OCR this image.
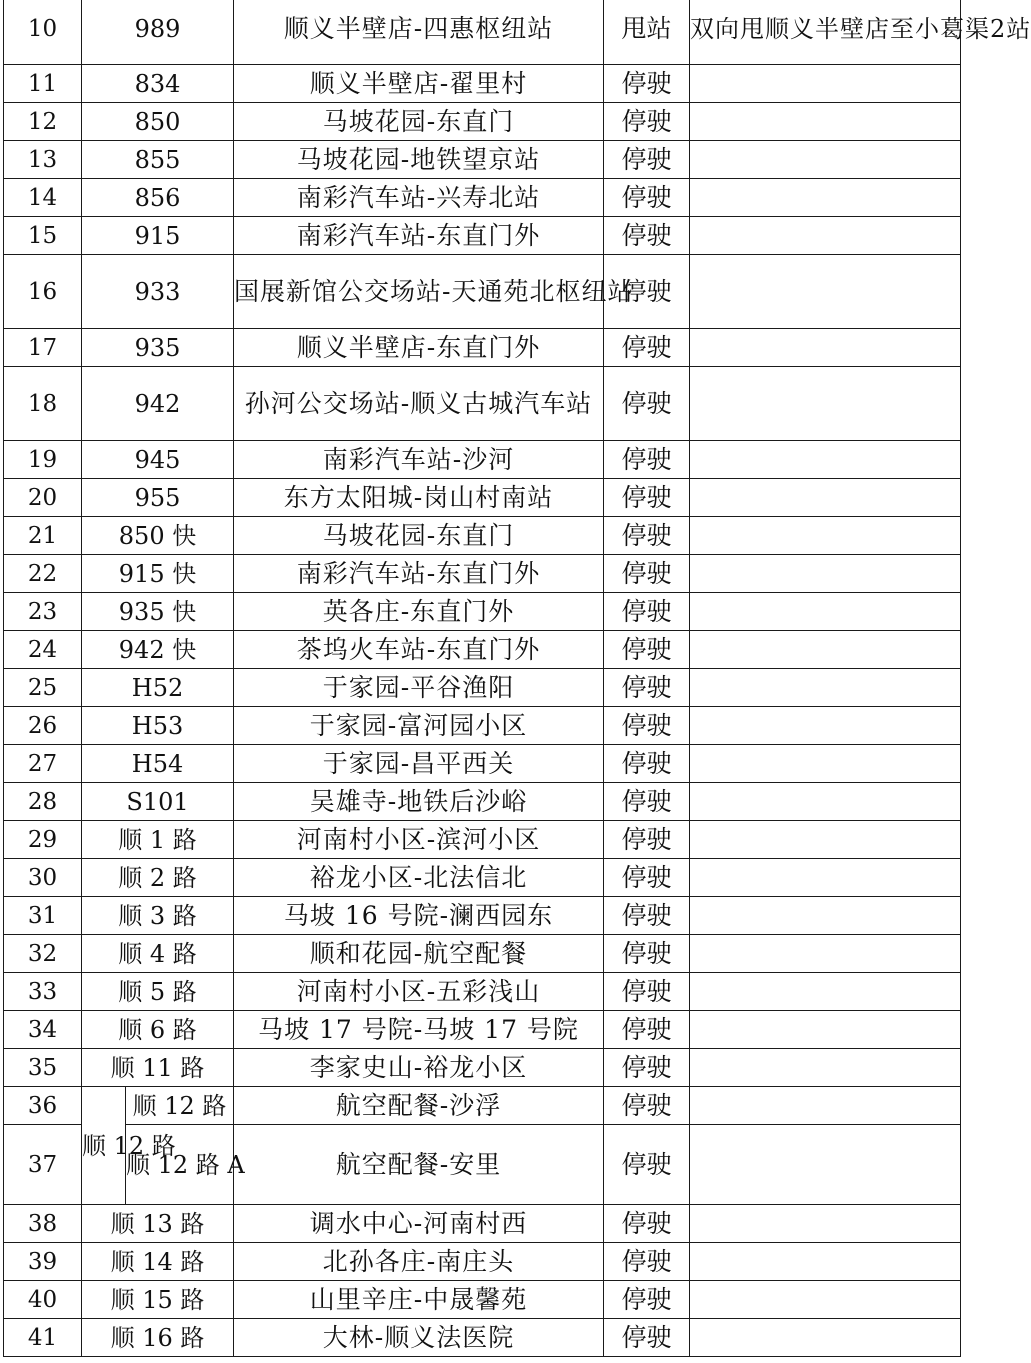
10	989		顺义半壁店-四惠枢纽站	甩站	双向甩顺义半壁店至小葛渠2站
11	834		顺义半壁店-翟里村	停驶	
12	850		马坡花园-东直门	停驶	
13	855		马坡花园-地铁望京站	停驶	
14	856		南彩汽车站-兴寿北站	停驶	
15	915		南彩汽车站-东直门外	停驶	
16	933		国展新馆公交场站-天通苑北枢纽站	停驶	
17	935		顺义半壁店-东直门外	停驶	
18	942		孙河公交场站-顺义古城汽车站	停驶	
19	945		南彩汽车站-沙河	停驶	
20	955		东方太阳城-岗山村南站	停驶	
21	850 快		马坡花园-东直门	停驶	
22	915 快		南彩汽车站-东直门外	停驶	
23	935 快		英各庄-东直门外	停驶	
24	942 快		茶坞火车站-东直门外	停驶	
25	H52		于家园-平谷渔阳	停驶	
26	H53		于家园-富河园小区	停驶	
27	H54		于家园-昌平西关	停驶	
28	S101		吴雄寺-地铁后沙峪	停驶	
29	顺 1 路		河南村小区-滨河小区	停驶	
30	顺 2 路		裕龙小区-北法信北	停驶	
31	顺 3 路		马坡 16 号院-澜西园东	停驶	
32	顺 4 路		顺和花园-航空配餐	停驶	
33	顺 5 路		河南村小区-五彩浅山	停驶	
34	顺 6 路		马坡 17 号院-马坡 17 号院	停驶	
35	顺 11 路		李家史山-裕龙小区	停驶	
36	顺 12 路	顺 12 路	航空配餐-沙浮	停驶	
37		顺 12 路 A	航空配餐-安里	停驶	
38	顺 13 路		调水中心-河南村西	停驶	
39	顺 14 路		北孙各庄-南庄头	停驶	
40	顺 15 路		山里辛庄-中晟馨苑	停驶	
41	顺 16 路		大林-顺义法医院	停驶	
